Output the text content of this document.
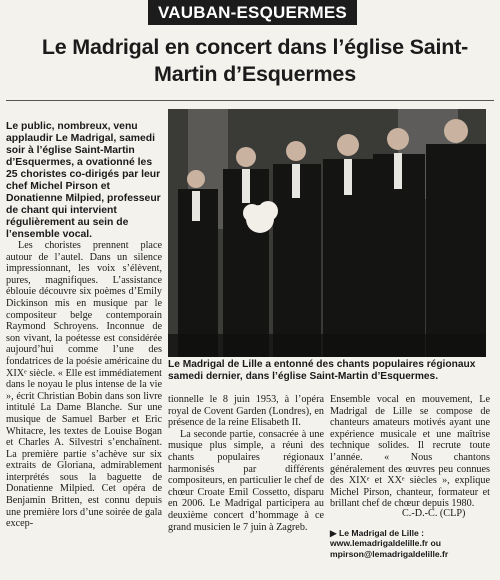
VAUBAN-ESQUERMES
Le Madrigal en concert dans l’église Saint-Martin d’Esquermes
Le public, nombreux, venu applaudir Le Madrigal, samedi soir à l’église Saint-Martin d’Esquermes, a ovationné les 25 choristes co-dirigés par leur chef Michel Pirson et Donatienne Milpied, professeur de chant qui intervient régulièrement au sein de l’ensemble vocal.

Les choristes prennent place autour de l’autel. Dans un silence impressionnant, les voix s’élèvent, pures, magnifiques. L’assistance éblouie découvre six poèmes d’Emily Dickinson mis en musique par le compositeur belge contemporain Raymond Schroyens. Inconnue de son vivant, la poétesse est considérée aujourd’hui comme l’une des fondatrices de la poésie américaine du XIXᵉ siècle. « Elle est immédiatement dans le noyau le plus intense de la vie », écrit Christian Bobin dans son livre intitulé La Dame Blanche. Sur une musique de Samuel Barber et Eric Whitacre, les textes de Louise Bogan et Charles A. Silvestri s’enchaînent. La première partie s’achève sur six extraits de Gloriana, admirablement interprétés sous la baguette de Donatienne Milpied. Cet opéra de Benjamin Britten, est connu depuis une première lors d’une soirée de gala excep-

Le Madrigal de Lille a entonné des chants populaires régionaux samedi dernier, dans l’église Saint-Martin d’Esquermes.

tionnelle le 8 juin 1953, à l’opéra royal de Covent Garden (Londres), en présence de la reine Elisabeth II.

La seconde partie, consacrée à une musique plus simple, a réuni des chants populaires régionaux harmonisés par différents compositeurs, en particulier le chef de chœur Croate Emil Cossetto, disparu en 2006. Le Madrigal participera au deuxième concert d’hommage à ce grand musicien le 7 juin à Zagreb.

Ensemble vocal en mouvement, Le Madrigal de Lille se compose de chanteurs amateurs motivés ayant une expérience musicale et une maîtrise technique solides. Il recrute toute l’année. « Nous chantons généralement des œuvres peu connues des XIXᵉ et XXᵉ siècles », explique Michel Pirson, chanteur, formateur et brillant chef de chœur depuis 1980.

C.-D.-C. (CLP)
▶ Le Madrigal de Lille :
www.lemadrigaldelille.fr ou
mpirson@lemadrigaldelille.fr
